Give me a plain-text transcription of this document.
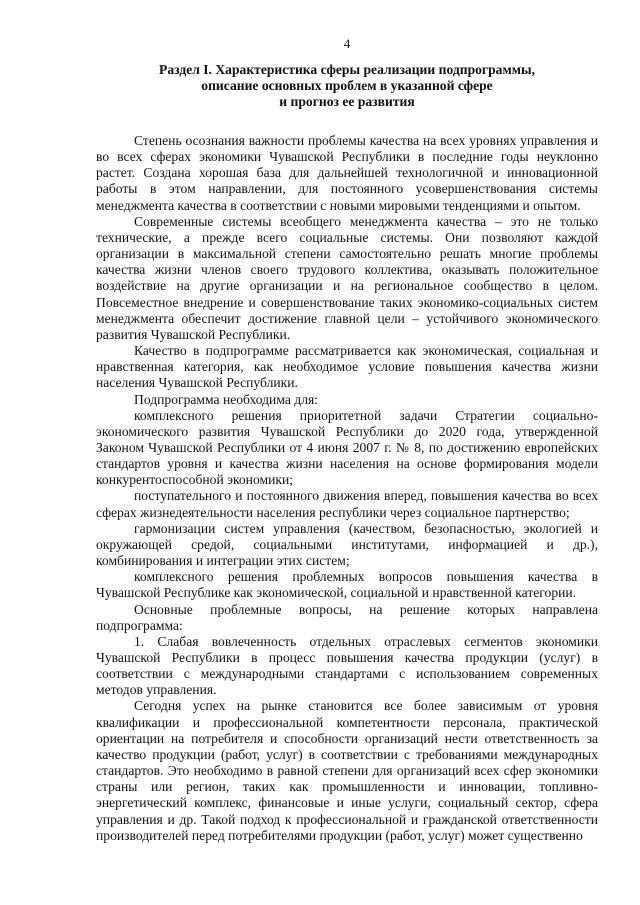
4
Раздел I. Характеристика сферы реализации подпрограммы,
описание основных проблем в указанной сфере
и прогноз ее развития

Степень осознания важности проблемы качества на всех уровнях управления и во всех сферах экономики Чувашской Республики в последние годы неуклонно растет. Создана хорошая база для дальнейшей технологичной и инновационной работы в этом направлении, для постоянного усовершенствования системы менеджмента качества в соответствии с новыми мировыми тенденциями и опытом.

Современные системы всеобщего менеджмента качества – это не только технические, а прежде всего социальные системы. Они позволяют каждой организации в максимальной степени самостоятельно решать многие проблемы качества жизни членов своего трудового коллектива, оказывать положительное воздействие на другие организации и на региональное сообщество в целом. Повсеместное внедрение и совершенствование таких экономико-социальных систем менеджмента обеспечит достижение главной цели – устойчивого экономического развития Чувашской Республики.

Качество в подпрограмме рассматривается как экономическая, социальная и нравственная категория, как необходимое условие повышения качества жизни населения Чувашской Республики.

Подпрограмма необходима для:

комплексного решения приоритетной задачи Стратегии социально-экономического развития Чувашской Республики до 2020 года, утвержденной Законом Чувашской Республики от 4 июня 2007 г. № 8, по достижению европейских стандартов уровня и качества жизни населения на основе формирования модели конкурентоспособной экономики;

поступательного и постоянного движения вперед, повышения качества во всех сферах жизнедеятельности населения республики через социальное партнерство;

гармонизации систем управления (качеством, безопасностью, экологией и окружающей средой, социальными институтами, информацией и др.), комбинирования и интеграции этих систем;

комплексного решения проблемных вопросов повышения качества в Чувашской Республике как экономической, социальной и нравственной категории.

Основные проблемные вопросы, на решение которых направлена подпрограмма:

1. Слабая вовлеченность отдельных отраслевых сегментов экономики Чувашской Республики в процесс повышения качества продукции (услуг) в соответствии с международными стандартами с использованием современных методов управления.

Сегодня успех на рынке становится все более зависимым от уровня квалификации и профессиональной компетентности персонала, практической ориентации на потребителя и способности организаций нести ответственность за качество продукции (работ, услуг) в соответствии с требованиями международных стандартов. Это необходимо в равной степени для организаций всех сфер экономики страны или регион, таких как промышленности и инновации, топливно-энергетический комплекс, финансовые и иные услуги, социальный сектор, сфера управления и др. Такой подход к профессиональной и гражданской ответственности производителей перед потребителями продукции (работ, услуг) может существенно
